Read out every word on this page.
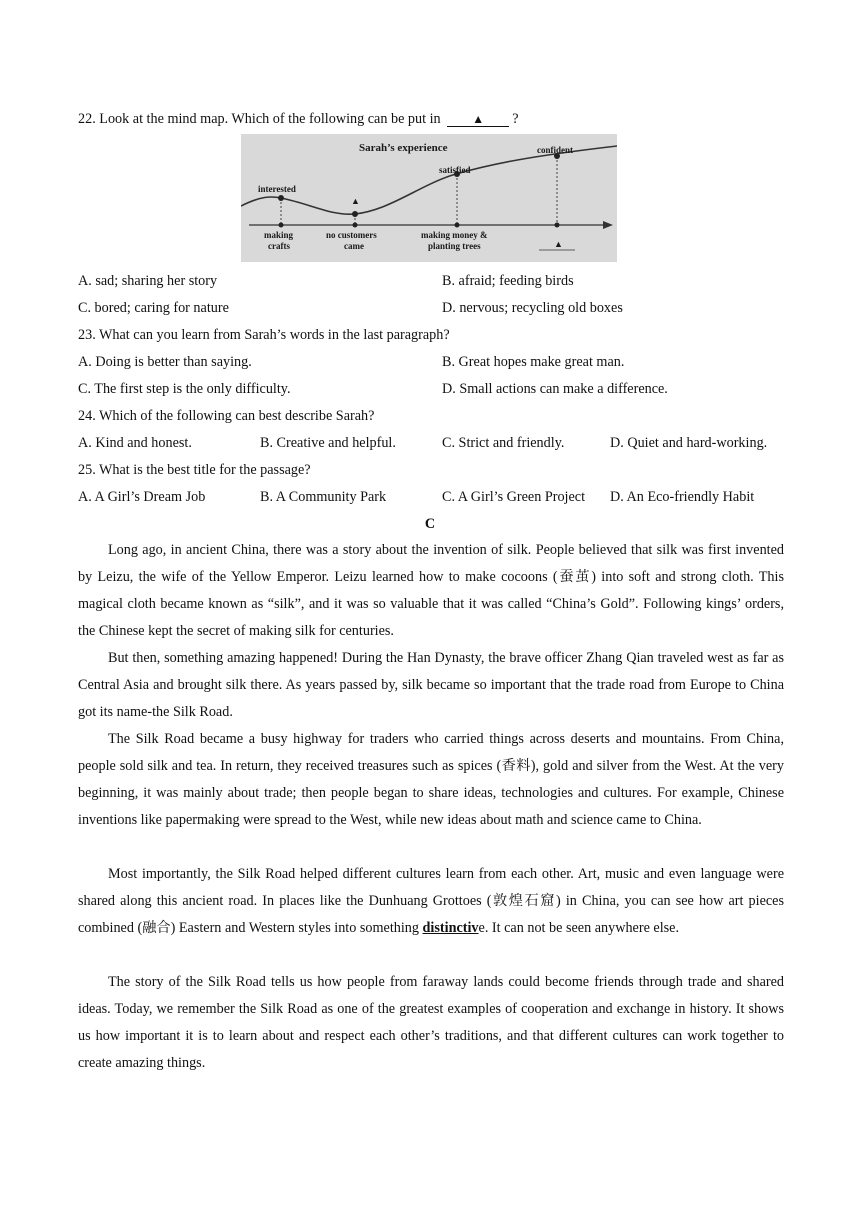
22. Look at the mind map. Which of the following can be put in	▲ ?
Sarah’s experience
interested
▲
satisfied
confident
making
crafts
no customers
came
making money &
planting trees	▲
A. sad; sharing her story	B. afraid; feeding birds
C. bored; caring for nature	D. nervous; recycling old boxes
23. What can you learn from Sarah’s words in the last paragraph?
A. Doing is better than saying.	B. Great hopes make great man.
C. The first step is the only difficulty.	D. Small actions can make a difference.
24. Which of the following can best describe Sarah?
A. Kind and honest.	B. Creative and helpful.	C. Strict and friendly.	D. Quiet and hard-working.
25. What is the best title for the passage?
A. A Girl’s Dream Job	B. A Community Park	C. A Girl’s Green Project D. An Eco-friendly Habit
C

Long ago, in ancient China, there was a story about the invention of silk. People believed that silk was first invented by Leizu, the wife of the Yellow Emperor. Leizu learned how to make cocoons (蚕茧) into soft and strong cloth. This magical cloth became known as “silk”, and it was so valuable that it was called “China’s Gold”. Following kings’ orders, the Chinese kept the secret of making silk for centuries.

But then, something amazing happened! During the Han Dynasty, the brave officer Zhang Qian traveled west as far as Central Asia and brought silk there. As years passed by, silk became so important that the trade road from Europe to China got its name-the Silk Road.

The Silk Road became a busy highway for traders who carried things across deserts and mountains. From China, people sold silk and tea. In return, they received treasures such as spices (香料), gold and silver from the West. At the very beginning, it was mainly about trade; then people began to share ideas, technologies and cultures. For example, Chinese inventions like papermaking were spread to the West, while new ideas about math and science came to China.

Most importantly, the Silk Road helped different cultures learn from each other. Art, music and even language were shared along this ancient road. In places like the Dunhuang Grottoes (敦煌石窟) in China, you can see how art pieces combined (融合) Eastern and Western styles into something distinctive. It can not be seen anywhere else.

The story of the Silk Road tells us how people from faraway lands could become friends through trade and shared ideas. Today, we remember the Silk Road as one of the greatest examples of cooperation and exchange in history. It shows us how important it is to learn about and respect each other’s traditions, and that different cultures can work together to create amazing things.
